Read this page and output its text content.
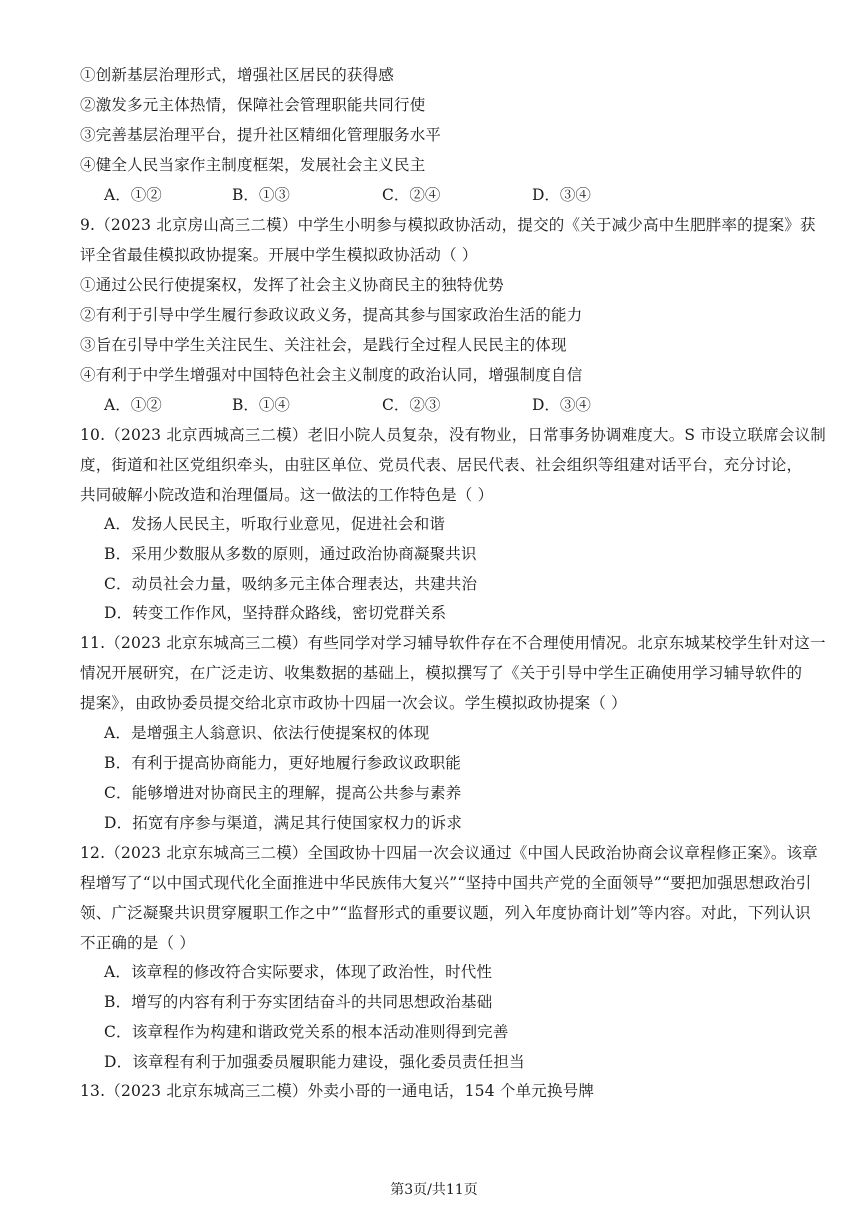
①创新基层治理形式，增强社区居民的获得感
②激发多元主体热情，保障社会管理职能共同行使
③完善基层治理平台，提升社区精细化管理服务水平
④健全人民当家作主制度框架，发展社会主义民主
A．①②	B．①③	C．②④	D．③④
9.（2023 北京房山高三二模）中学生小明参与模拟政协活动，提交的《关于减少高中生肥胖率的提案》获
评全省最佳模拟政协提案。开展中学生模拟政协活动（ ）
①通过公民行使提案权，发挥了社会主义协商民主的独特优势
②有利于引导中学生履行参政议政义务，提高其参与国家政治生活的能力
③旨在引导中学生关注民生、关注社会，是践行全过程人民民主的体现
④有利于中学生增强对中国特色社会主义制度的政治认同，增强制度自信
A．①②	B．①④	C．②③	D．③④
10.（2023 北京西城高三二模）老旧小院人员复杂，没有物业，日常事务协调难度大。S 市设立联席会议制
度，街道和社区党组织牵头，由驻区单位、党员代表、居民代表、社会组织等组建对话平台，充分讨论，
共同破解小院改造和治理僵局。这一做法的工作特色是（ ）
A．发扬人民民主，听取行业意见，促进社会和谐
B．采用少数服从多数的原则，通过政治协商凝聚共识
C．动员社会力量，吸纳多元主体合理表达，共建共治
D．转变工作作风，坚持群众路线，密切党群关系
11.（2023 北京东城高三二模）有些同学对学习辅导软件存在不合理使用情况。北京东城某校学生针对这一
情况开展研究，在广泛走访、收集数据的基础上，模拟撰写了《关于引导中学生正确使用学习辅导软件的
提案》，由政协委员提交给北京市政协十四届一次会议。学生模拟政协提案（ ）
A．是增强主人翁意识、依法行使提案权的体现
B．有利于提高协商能力，更好地履行参政议政职能
C．能够增进对协商民主的理解，提高公共参与素养
D．拓宽有序参与渠道，满足其行使国家权力的诉求
12.（2023 北京东城高三二模）全国政协十四届一次会议通过《中国人民政治协商会议章程修正案》。该章
程增写了“以中国式现代化全面推进中华民族伟大复兴”“坚持中国共产党的全面领导”“要把加强思想政治引
领、广泛凝聚共识贯穿履职工作之中”“监督形式的重要议题，列入年度协商计划”等内容。对此，下列认识
不正确的是（ ）
A．该章程的修改符合实际要求，体现了政治性，时代性
B．增写的内容有利于夯实团结奋斗的共同思想政治基础
C．该章程作为构建和谐政党关系的根本活动准则得到完善
D．该章程有利于加强委员履职能力建设，强化委员责任担当
13.（2023 北京东城高三二模）外卖小哥的一通电话，154 个单元换号牌
第3页/共11页
